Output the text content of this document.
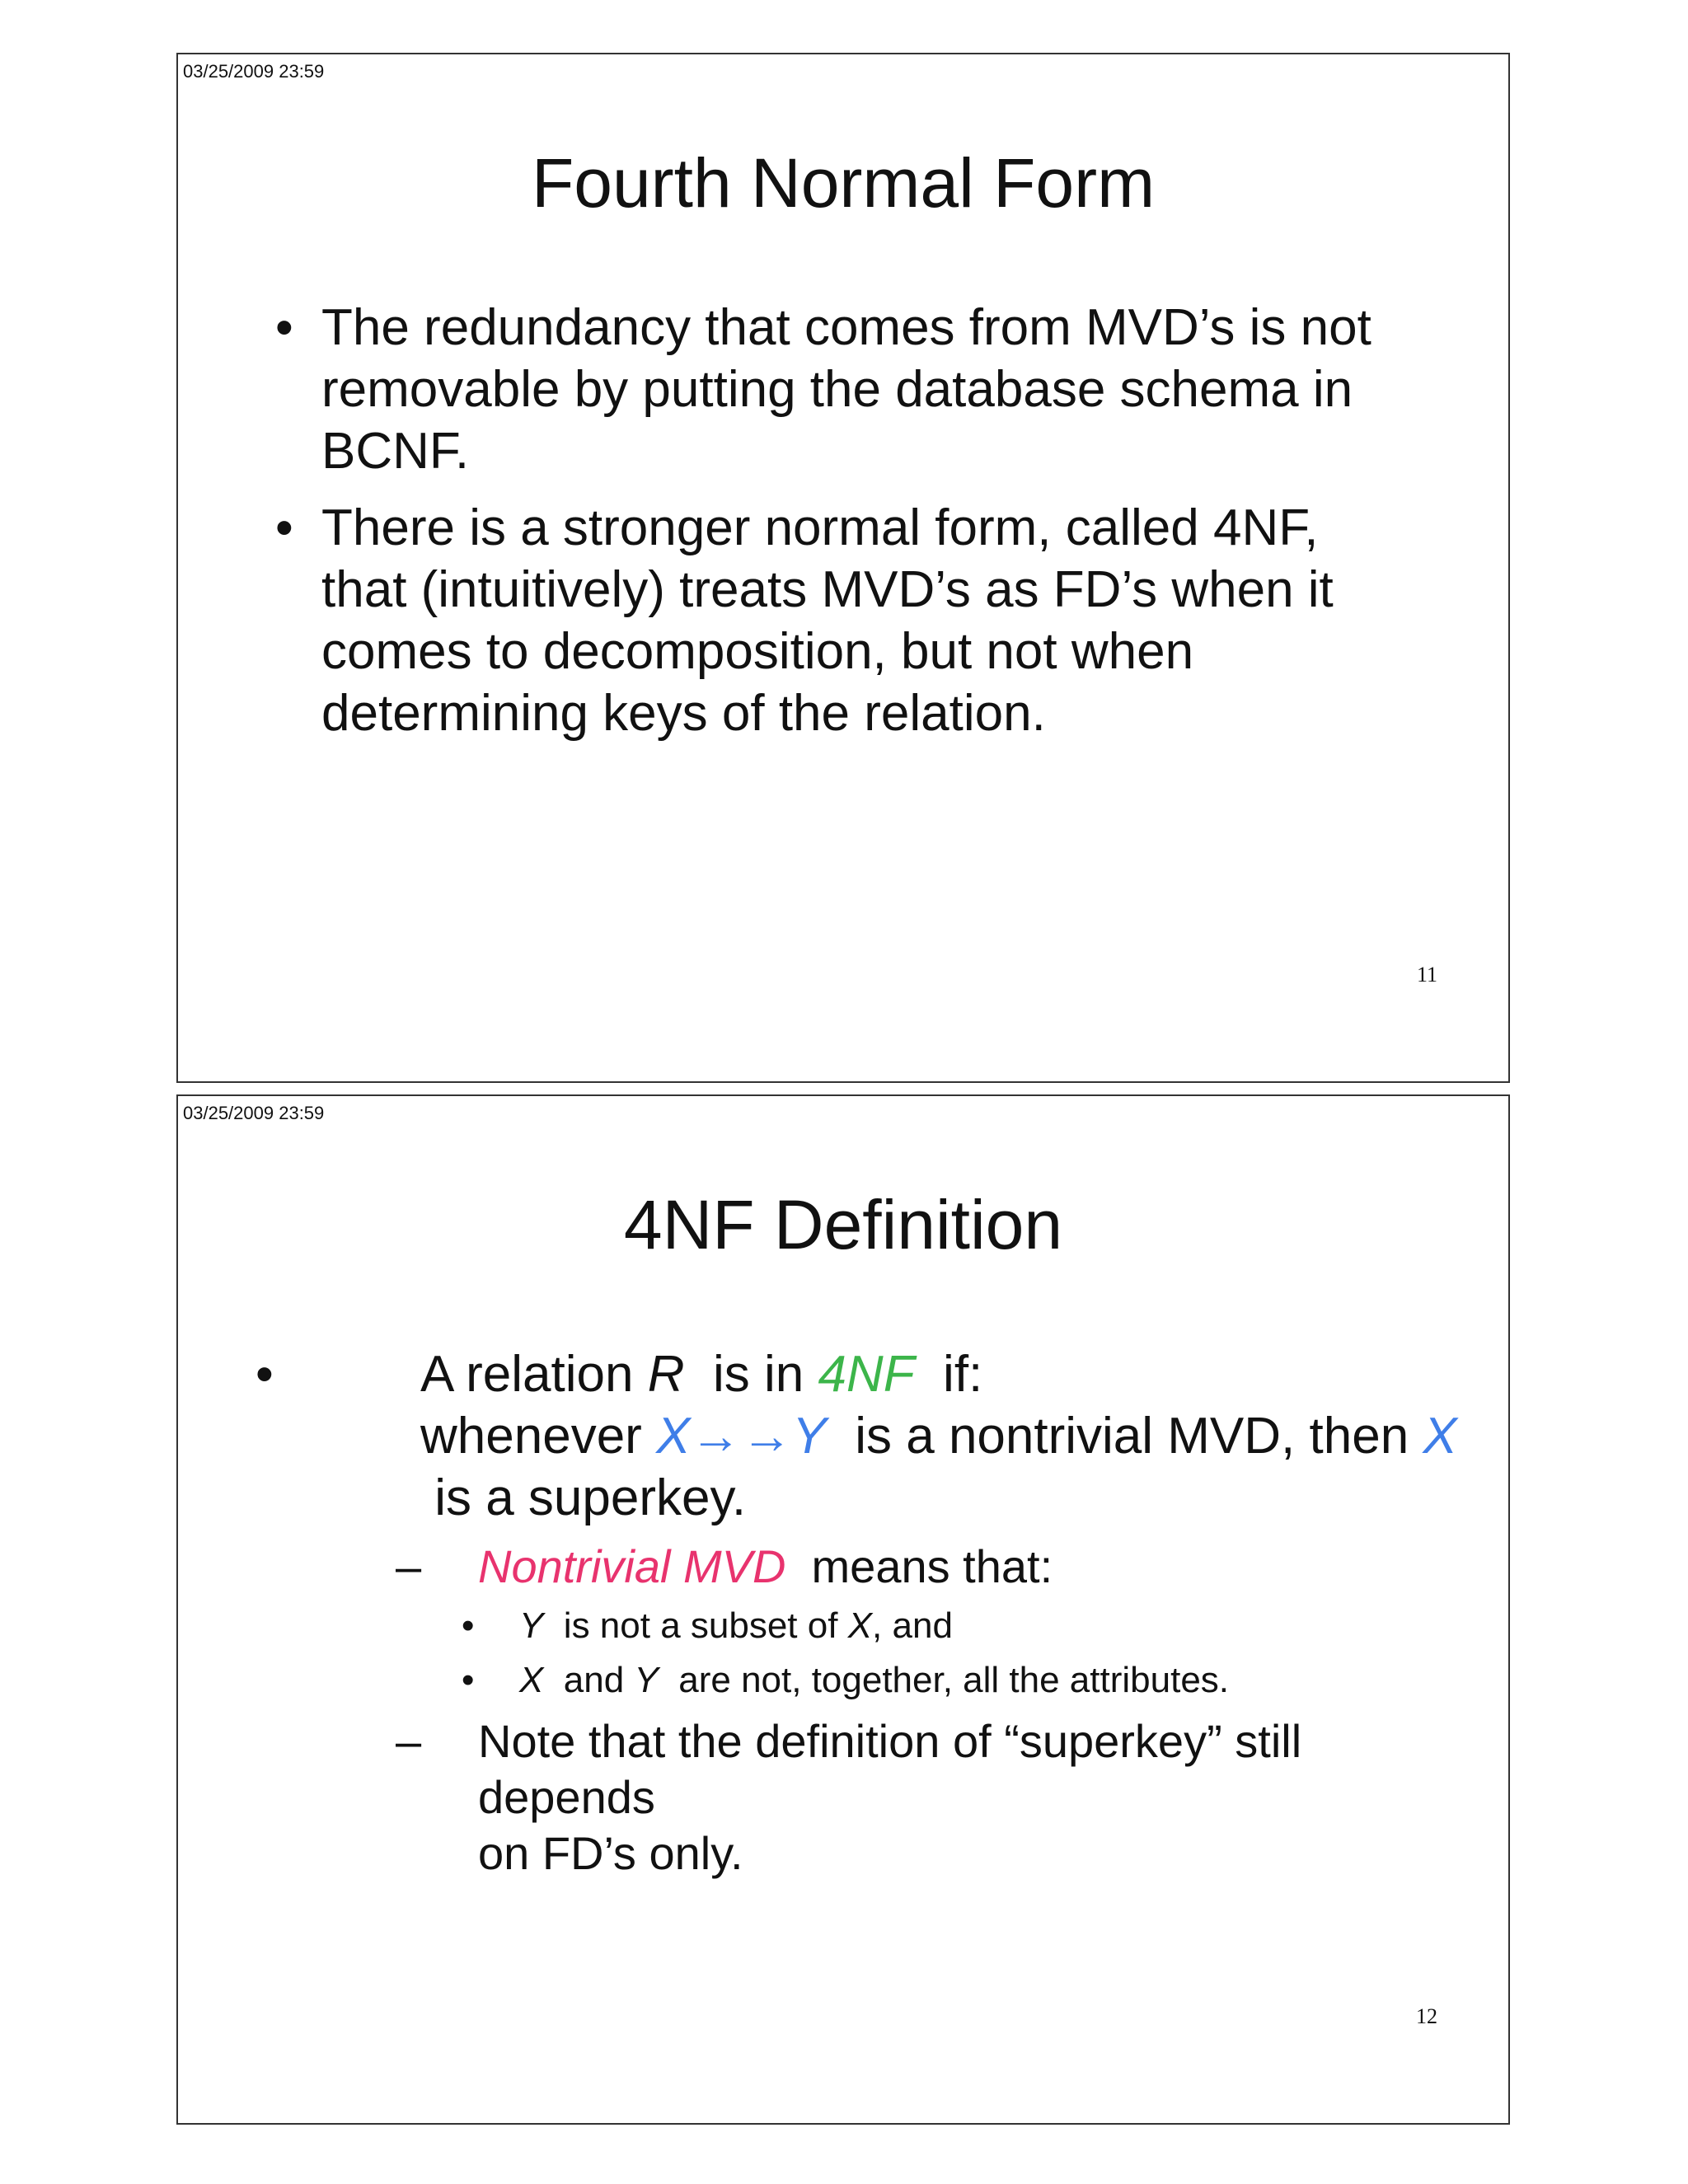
03/25/2009 23:59
Fourth Normal Form
• The redundancy that comes from MVD’s is not
removable by putting the database schema in
BCNF.
• There is a stronger normal form, called 4NF,
that (intuitively) treats MVD’s as FD’s when it
comes to decomposition, but not when
determining keys of the relation.
11
03/25/2009 23:59
4NF Definition
•	A relation R  is in 4NF  if:
whenever X→→Y  is a nontrivial MVD, then X
is a superkey.
– Nontrivial MVD  means that:
• Y  is not a subset of X, and
• X  and Y  are not, together, all the attributes.
– Note that the definition of “superkey” still depends
on FD’s only.
12
